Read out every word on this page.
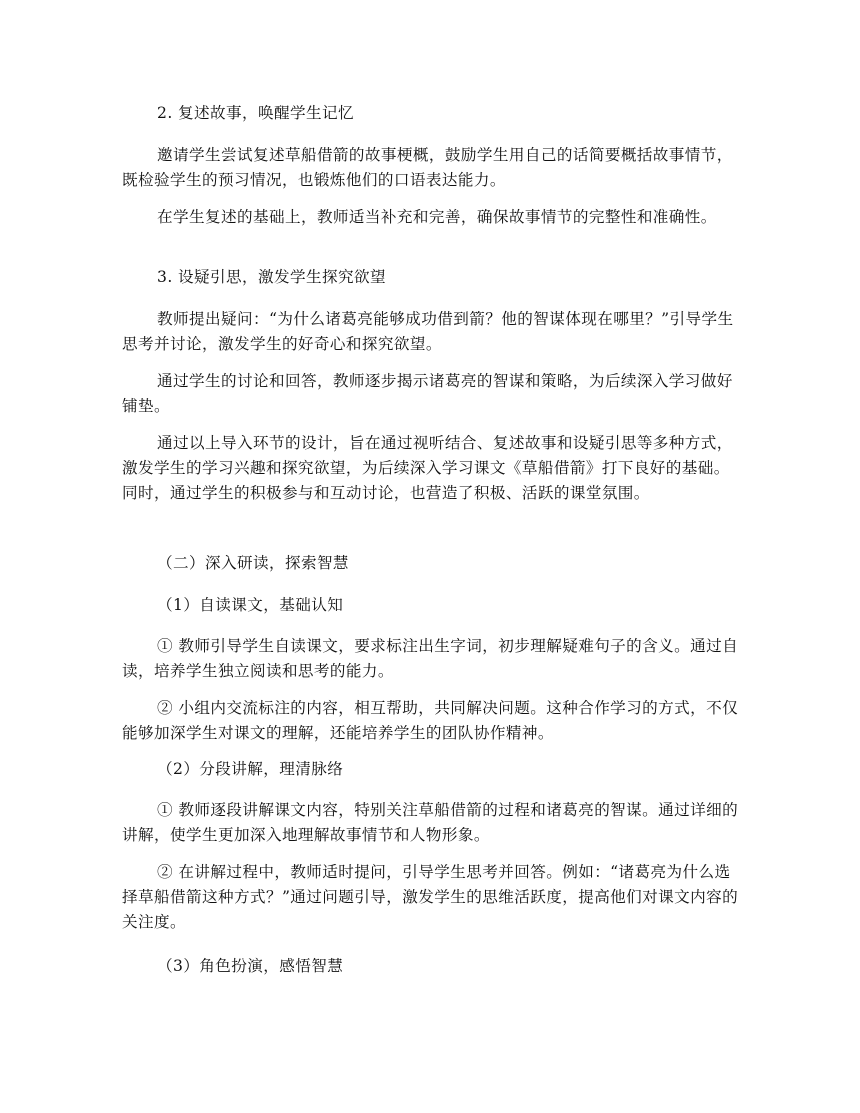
2. 复述故事，唤醒学生记忆

邀请学生尝试复述草船借箭的故事梗概，鼓励学生用自己的话简要概括故事情节，既检验学生的预习情况，也锻炼他们的口语表达能力。

在学生复述的基础上，教师适当补充和完善，确保故事情节的完整性和准确性。

3. 设疑引思，激发学生探究欲望

教师提出疑问：“为什么诸葛亮能够成功借到箭？他的智谋体现在哪里？”引导学生思考并讨论，激发学生的好奇心和探究欲望。

通过学生的讨论和回答，教师逐步揭示诸葛亮的智谋和策略，为后续深入学习做好铺垫。

通过以上导入环节的设计，旨在通过视听结合、复述故事和设疑引思等多种方式，激发学生的学习兴趣和探究欲望，为后续深入学习课文《草船借箭》打下良好的基础。同时，通过学生的积极参与和互动讨论，也营造了积极、活跃的课堂氛围。

（二）深入研读，探索智慧

（1）自读课文，基础认知

① 教师引导学生自读课文，要求标注出生字词，初步理解疑难句子的含义。通过自读，培养学生独立阅读和思考的能力。

② 小组内交流标注的内容，相互帮助，共同解决问题。这种合作学习的方式，不仅能够加深学生对课文的理解，还能培养学生的团队协作精神。

（2）分段讲解，理清脉络

① 教师逐段讲解课文内容，特别关注草船借箭的过程和诸葛亮的智谋。通过详细的讲解，使学生更加深入地理解故事情节和人物形象。

② 在讲解过程中，教师适时提问，引导学生思考并回答。例如：“诸葛亮为什么选择草船借箭这种方式？”通过问题引导，激发学生的思维活跃度，提高他们对课文内容的关注度。

（3）角色扮演，感悟智慧
